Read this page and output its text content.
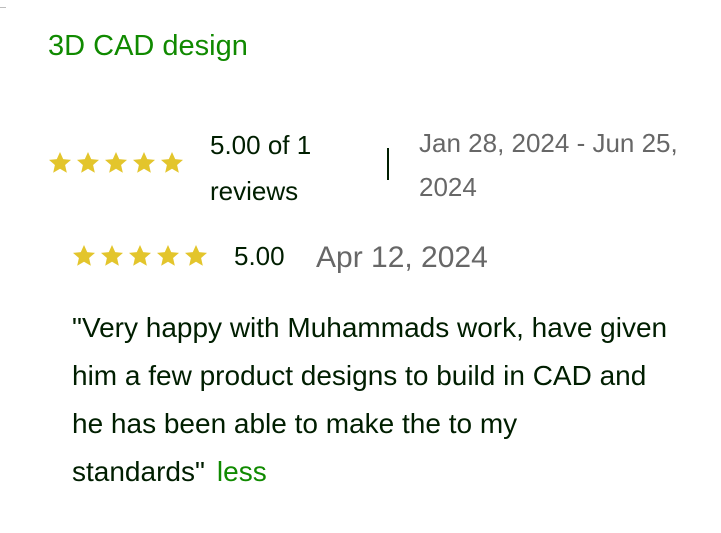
3D CAD design
5.00 of 1 reviews
Jan 28, 2024 - Jun 25, 2024
5.00 Apr 12, 2024
"Very happy with Muhammads work, have given him a few product designs to build in CAD and he has been able to make the to my standards" less
